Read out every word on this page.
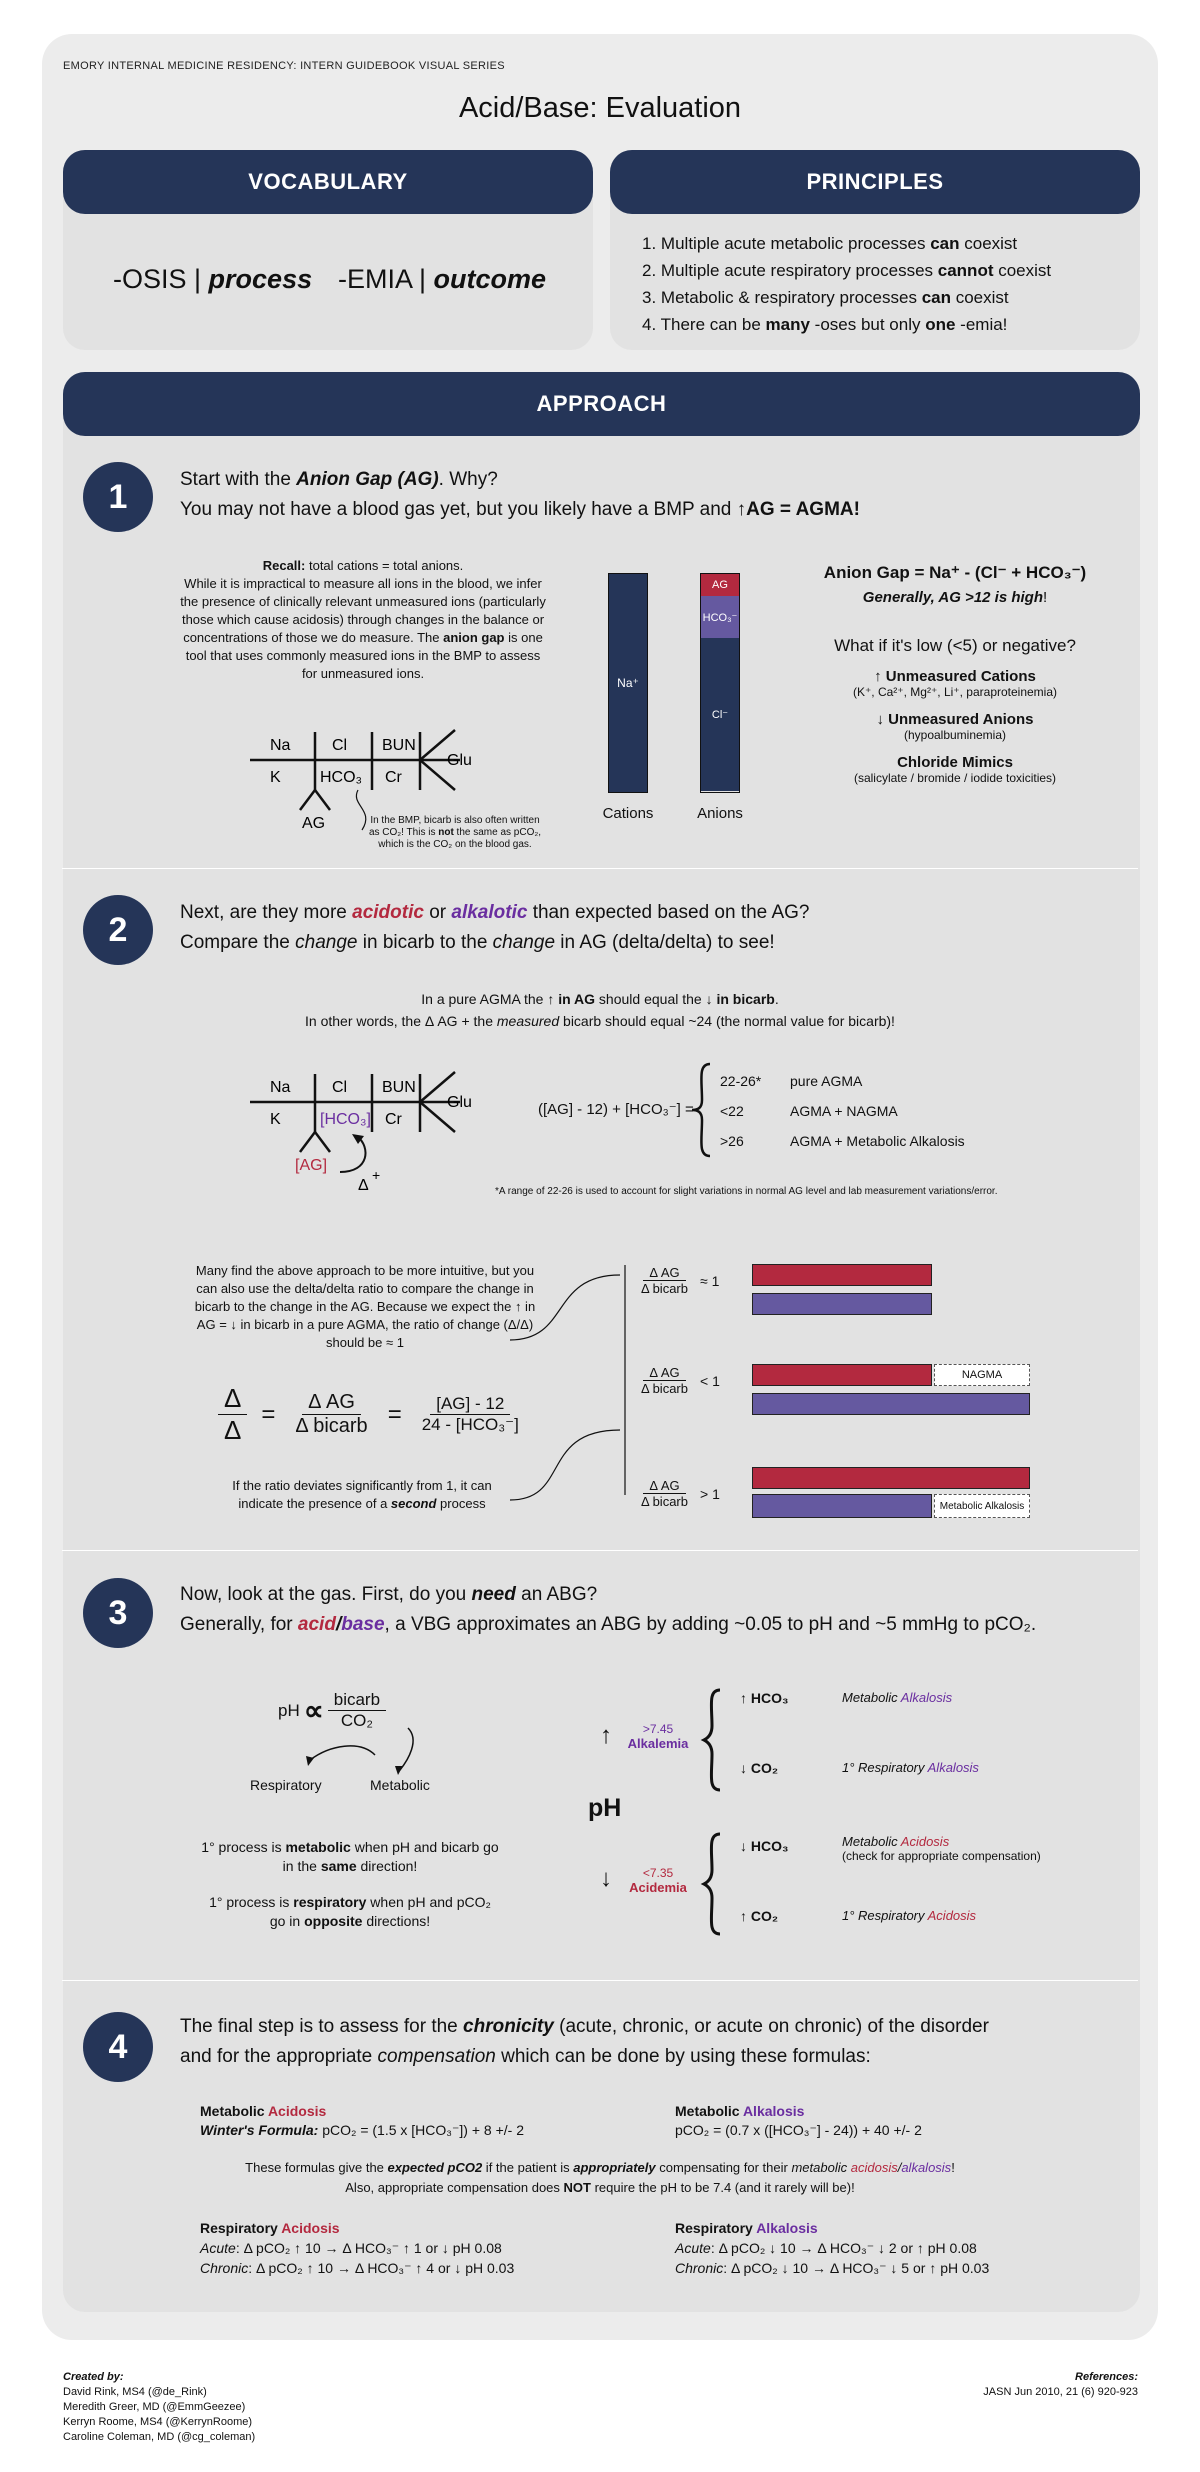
EMORY INTERNAL MEDICINE RESIDENCY: INTERN GUIDEBOOK VISUAL SERIES
Acid/Base: Evaluation
VOCABULARY
-OSIS | process -EMIA | outcome
PRINCIPLES
1. Multiple acute metabolic processes can coexist
2. Multiple acute respiratory processes cannot coexist
3. Metabolic & respiratory processes can coexist
4. There can be many -oses but only one -emia!
APPROACH
1	Start with the Anion Gap (AG). Why?
You may not have a blood gas yet, but you likely have a BMP and ↑AG = AGMA!
Recall: total cations = total anions.
While it is impractical to measure all ions in the blood, we infer the presence of clinically relevant unmeasured ions (particularly those which cause acidosis) through changes in the balance or concentrations of those we do measure. The anion gap is one tool that uses commonly measured ions in the BMP to assess for unmeasured ions.
Na	Cl BUN
K HCO₃ Cr
Glu
AG	In the BMP, bicarb is also often written
as CO₂! This is not the same as pCO₂,
which is the CO₂ on the blood gas.
Na⁺
AG
HCO₃⁻
Cl⁻
Cations	Anions
Anion Gap = Na⁺ - (Cl⁻ + HCO₃⁻)
Generally, AG >12 is high!
What if it's low (<5) or negative?
↑ Unmeasured Cations
(K⁺, Ca²⁺, Mg²⁺, Li⁺, paraproteinemia)
↓ Unmeasured Anions
(hypoalbuminemia)
Chloride Mimics
(salicylate / bromide / iodide toxicities)
2	Next, are they more acidotic or alkalotic than expected based on the AG?
Compare the change in bicarb to the change in AG (delta/delta) to see!
In a pure AGMA the ↑ in AG should equal the ↓ in bicarb.
In other words, the Δ AG + the measured bicarb should equal ~24 (the normal value for bicarb)!
Na	Cl BUN
K [HCO₃] Cr
Glu
[AG]
Δ
+
([AG] - 12) + [HCO₃⁻] =
22-26* pure AGMA
<22	AGMA + NAGMA
>26	AGMA + Metabolic Alkalosis
*A range of 22-26 is used to account for slight variations in normal AG level and lab measurement variations/error.
Many find the above approach to be more intuitive, but you can also use the delta/delta ratio to compare the change in bicarb to the change in the AG. Because we expect the ↑ in AG = ↓ in bicarb in a pure AGMA, the ratio of change (Δ/Δ) should be ≈ 1
$\frac{\Delta}{\Delta} = \frac{\text{Δ AG}}{\text{Δ bicarb}} = \frac{[AG] - 12}{\text{24 - [HCO₃⁻]}}$
If the ratio deviates significantly from 1, it can indicate the presence of a second process
$\frac{\text{Δ AG}}{\text{Δ bicarb}} \approx 1$
$\frac{\text{Δ AG}}{\text{Δ bicarb}} < 1$	NAGMA
$\frac{\text{Δ AG}}{\text{Δ bicarb}} > 1$
Metabolic Alkalosis
3	Now, look at the gas. First, do you need an ABG?
Generally, for acid/base, a VBG approximates an ABG by adding ~0.05 to pH and ~5 mmHg to pCO₂.
pH ∝ $\frac{\text{bicarb}}{\text{CO₂}}$
Respiratory	Metabolic
1° process is metabolic when pH and bicarb go in the same direction!
1° process is respiratory when pH and pCO₂ go in opposite directions!
pH
↑	>7.45
Alkalemia
↓	<7.35
Acidemia
↑ HCO₃	Metabolic Alkalosis
↓ CO₂	1° Respiratory Alkalosis
↓ HCO₃	Metabolic Acidosis
(check for appropriate compensation)
↑ CO₂	1° Respiratory Acidosis
4
The final step is to assess for the chronicity (acute, chronic, or acute on chronic) of the disorder
and for the appropriate compensation which can be done by using these formulas:
Metabolic Acidosis
Winter's Formula: pCO₂ = (1.5 x [HCO₃⁻]) + 8 +/- 2
Metabolic Alkalosis
pCO₂ = (0.7 x ([HCO₃⁻] - 24)) + 40 +/- 2
These formulas give the expected pCO2 if the patient is appropriately compensating for their metabolic acidosis/alkalosis!
Also, appropriate compensation does NOT require the pH to be 7.4 (and it rarely will be)!
Respiratory Acidosis
Acute: Δ pCO₂ ↑ 10 → Δ HCO₃⁻ ↑ 1 or ↓ pH 0.08
Chronic: Δ pCO₂ ↑ 10 → Δ HCO₃⁻ ↑ 4 or ↓ pH 0.03
Respiratory Alkalosis
Acute: Δ pCO₂ ↓ 10 → Δ HCO₃⁻ ↓ 2 or ↑ pH 0.08
Chronic: Δ pCO₂ ↓ 10 → Δ HCO₃⁻ ↓ 5 or ↑ pH 0.03
Created by:
David Rink, MS4 (@de_Rink)
Meredith Greer, MD (@EmmGeezee)
Kerryn Roome, MS4 (@KerrynRoome)
Caroline Coleman, MD (@cg_coleman)
References:
JASN Jun 2010, 21 (6) 920-923
